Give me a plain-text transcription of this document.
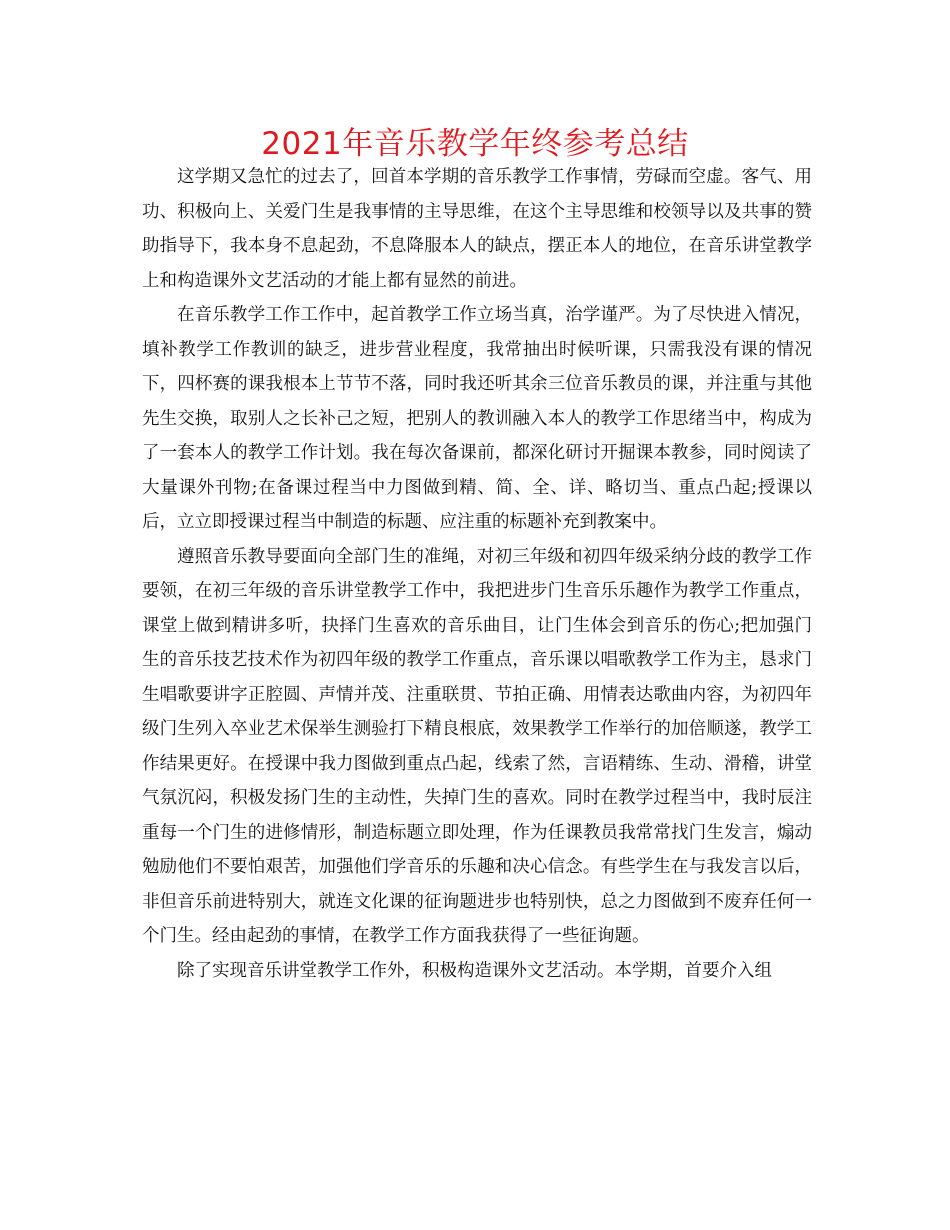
2021年音乐教学年终参考总结

这学期又急忙的过去了，回首本学期的音乐教学工作事情，劳碌而空虚。客气、用功、积极向上、关爱门生是我事情的主导思维，在这个主导思维和校领导以及共事的赞助指导下，我本身不息起劲，不息降服本人的缺点，摆正本人的地位，在音乐讲堂教学上和构造课外文艺活动的才能上都有显然的前进。

在音乐教学工作工作中，起首教学工作立场当真，治学谨严。为了尽快进入情况，填补教学工作教训的缺乏，进步营业程度，我常抽出时候听课，只需我没有课的情况下，四杯赛的课我根本上节节不落，同时我还听其余三位音乐教员的课，并注重与其他先生交换，取别人之长补己之短，把别人的教训融入本人的教学工作思绪当中，构成为了一套本人的教学工作计划。我在每次备课前，都深化研讨开掘课本教参，同时阅读了大量课外刊物;在备课过程当中力图做到精、简、全、详、略切当、重点凸起;授课以后，立立即授课过程当中制造的标题、应注重的标题补充到教案中。

遵照音乐教导要面向全部门生的准绳，对初三年级和初四年级采纳分歧的教学工作要领，在初三年级的音乐讲堂教学工作中，我把进步门生音乐乐趣作为教学工作重点，课堂上做到精讲多听，抉择门生喜欢的音乐曲目，让门生体会到音乐的伤心;把加强门生的音乐技艺技术作为初四年级的教学工作重点，音乐课以唱歌教学工作为主，恳求门生唱歌要讲字正腔圆、声情并茂、注重联贯、节拍正确、用情表达歌曲内容，为初四年级门生列入卒业艺术保举生测验打下精良根底，效果教学工作举行的加倍顺遂，教学工作结果更好。在授课中我力图做到重点凸起，线索了然，言语精练、生动、滑稽，讲堂气氛沉闷，积极发扬门生的主动性，失掉门生的喜欢。同时在教学过程当中，我时辰注重每一个门生的进修情形，制造标题立即处理，作为任课教员我常常找门生发言，煽动勉励他们不要怕艰苦，加强他们学音乐的乐趣和决心信念。有些学生在与我发言以后，非但音乐前进特别大，就连文化课的征询题进步也特别快，总之力图做到不废弃任何一个门生。经由起劲的事情，在教学工作方面我获得了一些征询题。

除了实现音乐讲堂教学工作外，积极构造课外文艺活动。本学期，首要介入组
